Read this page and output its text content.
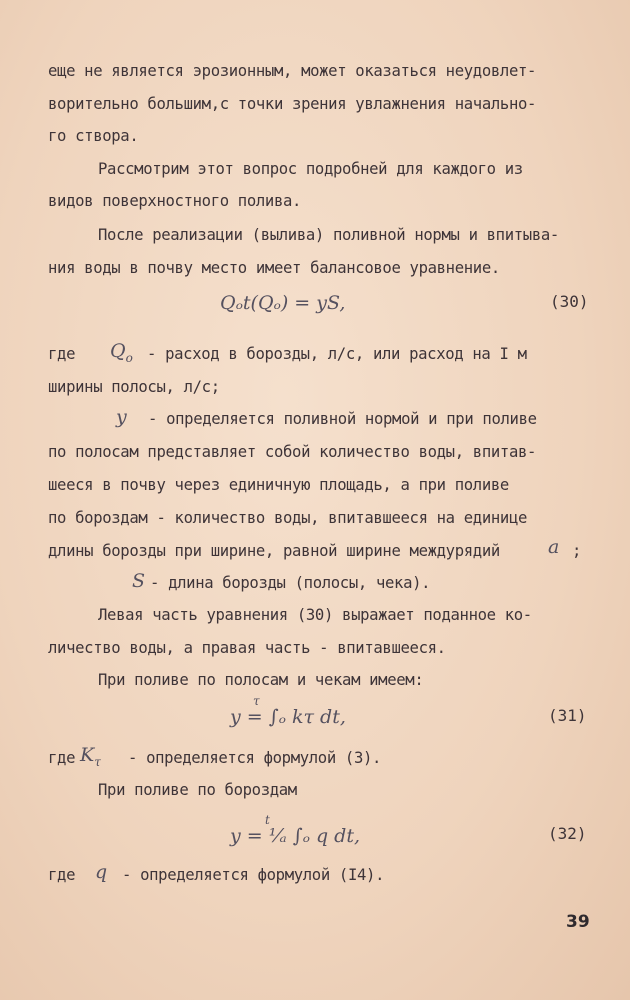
еще не является эрозионным, может оказаться неудовлет-
ворительно большим,с точки зрения увлажнения начально-
го створа.
Рассмотрим этот вопрос подробней для каждого из
видов поверхностного полива.
После реализации (вылива) поливной нормы и впитыва-
ния воды в почву место имеет балансовое уравнение.
Qₒt(Qₒ) = yS,	(30)
где $Q_o$ - расход в борозды, л/с, или расход на I м
ширины полосы, л/с;
y - определяется поливной нормой и при поливе
по полосам представляет собой количество воды, впитав-
шееся в почву через единичную площадь, а при поливе
по бороздам - количество воды, впитавшееся на единице
длины борозды при ширине, равной ширине междурядий	a ;
S - длина борозды (полосы, чека).
Левая часть уравнения (30) выражает поданное ко-
личество воды, а правая часть - впитавшееся.
При поливе по полосам и чекам имеем:
τ
y = ∫ₒ kτ dt,	(31)
где $K_\tau$ - определяется формулой (3).
При поливе по бороздам
t
y = ¹⁄ₐ ∫ₒ q dt,	(32)
где q - определяется формулой (I4).
39
